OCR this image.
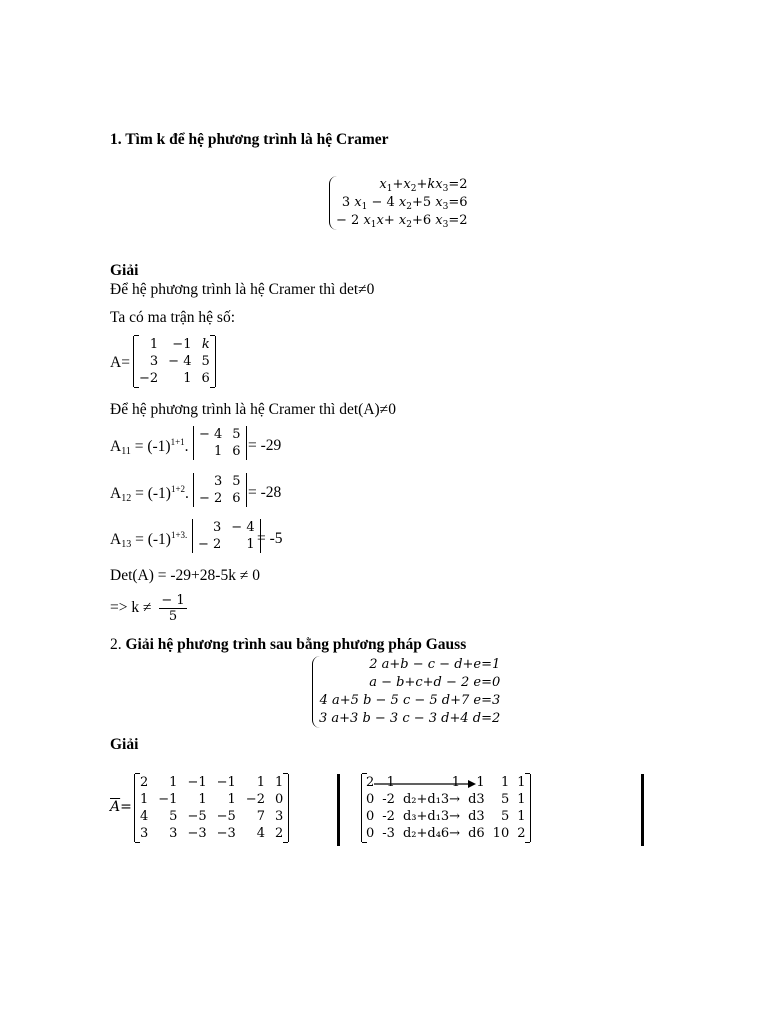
1. Tìm k để hệ phương trình là hệ Cramer
$x_1+x_2+kx_3=2$
3 $x_1 - 4$ $x_2+5$ $x_3=6$
− 2 $x_1x+ x_2+6$ $x_3=2$
Giải
Để hệ phương trình là hệ Cramer thì det≠0
Ta có ma trận hệ số:
A=
1	−1	k
3	− 4	5
−2	1	6
Để hệ phương trình là hệ Cramer thì det(A)≠0
$A_{11} = (-1)^{1+1}$.
− 4	5
1	6 = -29
$A_{12} = (-1)^{1+2}$.
3	5
− 2	6 = -28
$A_{13} = (-1)^{1+3.}$ 3	− 4
− 2	1 = -5
Det(A) = -29+28-5k ≠ 0
=> $k \ne \frac{- 1}{5}$
2. Giải hệ phương trình sau bằng phương pháp Gauss
2 a+b − c − d+e=1
a − b+c+d − 2 e=0
4 a+5 b − 5 c − 5 d+7 e=3
3 a+3 b − 3 c − 3 d+4 d=2
Giải
$\overline{A}=$
2	1	−1	−1	1	1
1	−1	1	1	−2	0
4	5	−5	−5	7	3
3	3	−3	−3	4	2
2	1	1	1	1	1
0	-2	d₂+d₁3→	d3	5	1
0	-2	d₃+d₁3→	d3	5	1
0	-3	d₂+d₄6→	d6	10	2
